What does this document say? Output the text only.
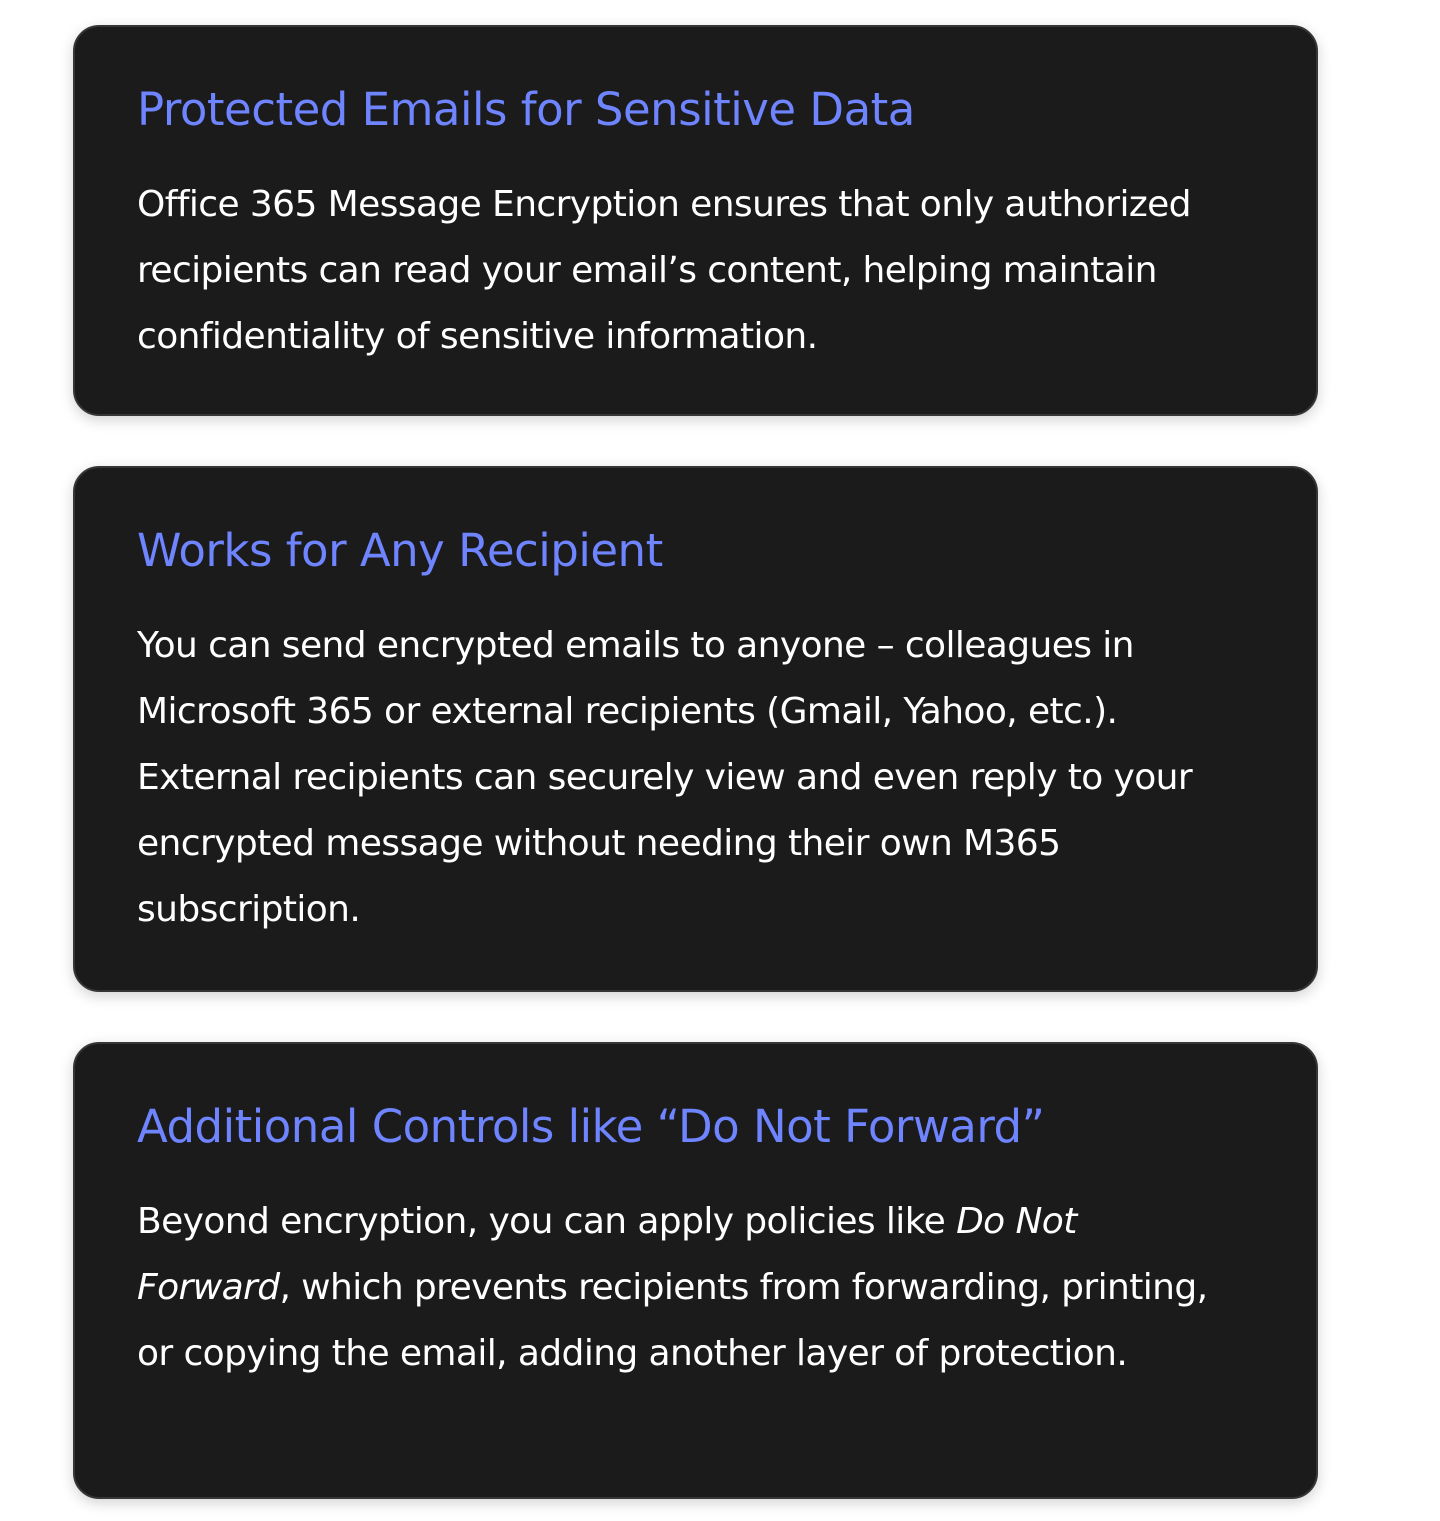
Protected Emails for Sensitive Data

Office 365 Message Encryption ensures that only authorized recipients can read your email’s content, helping maintain confidentiality of sensitive information.

Works for Any Recipient

You can send encrypted emails to anyone – colleagues in Microsoft 365 or external recipients (Gmail, Yahoo, etc.). External recipients can securely view and even reply to your encrypted message without needing their own M365 subscription.

Additional Controls like “Do Not Forward”

Beyond encryption, you can apply policies like Do Not Forward, which prevents recipients from forwarding, printing, or copying the email, adding another layer of protection.
